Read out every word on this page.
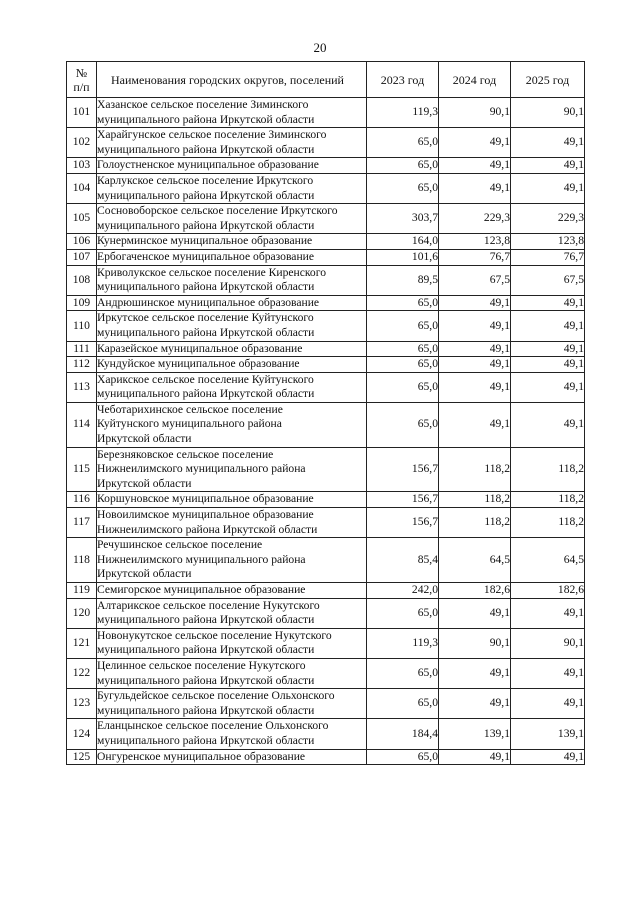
20
№
п/п	Наименования городских округов, поселений	2023 год	2024 год	2025 год
101	Хазанское сельское поселение Зиминского
муниципального района Иркутской области	119,3	90,1	90,1
102	Харайгунское сельское поселение Зиминского
муниципального района Иркутской области	65,0	49,1	49,1
103	Голоустненское муниципальное образование	65,0	49,1	49,1
104	Карлукское сельское поселение Иркутского
муниципального района Иркутской области	65,0	49,1	49,1
105	Сосновоборское сельское поселение Иркутского
муниципального района Иркутской области	303,7	229,3	229,3
106	Кунерминское муниципальное образование	164,0	123,8	123,8
107	Ербогаченское муниципальное образование	101,6	76,7	76,7
108	Криволукское сельское поселение Киренского
муниципального района Иркутской области	89,5	67,5	67,5
109	Андрюшинское муниципальное образование	65,0	49,1	49,1
110	Иркутское сельское поселение Куйтунского
муниципального района Иркутской области	65,0	49,1	49,1
111	Каразейское муниципальное образование	65,0	49,1	49,1
112	Кундуйское муниципальное образование	65,0	49,1	49,1
113	Харикское сельское поселение Куйтунского
муниципального района Иркутской области	65,0	49,1	49,1
114	Чеботарихинское сельское поселение
Куйтунского муниципального района
Иркутской области	65,0	49,1	49,1
115	Березняковское сельское поселение
Нижнеилимского муниципального района
Иркутской области	156,7	118,2	118,2
116	Коршуновское муниципальное образование	156,7	118,2	118,2
117	Новоилимское муниципальное образование
Нижнеилимского района Иркутской области	156,7	118,2	118,2
118	Речушинское сельское поселение
Нижнеилимского муниципального района
Иркутской области	85,4	64,5	64,5
119	Семигорское муниципальное образование	242,0	182,6	182,6
120	Алтарикское сельское поселение Нукутского
муниципального района Иркутской области	65,0	49,1	49,1
121	Новонукутское сельское поселение Нукутского
муниципального района Иркутской области	119,3	90,1	90,1
122	Целинное сельское поселение Нукутского
муниципального района Иркутской области	65,0	49,1	49,1
123	Бугульдейское сельское поселение Ольхонского
муниципального района Иркутской области	65,0	49,1	49,1
124	Еланцынское сельское поселение Ольхонского
муниципального района Иркутской области	184,4	139,1	139,1
125	Онгуренское муниципальное образование	65,0	49,1	49,1
